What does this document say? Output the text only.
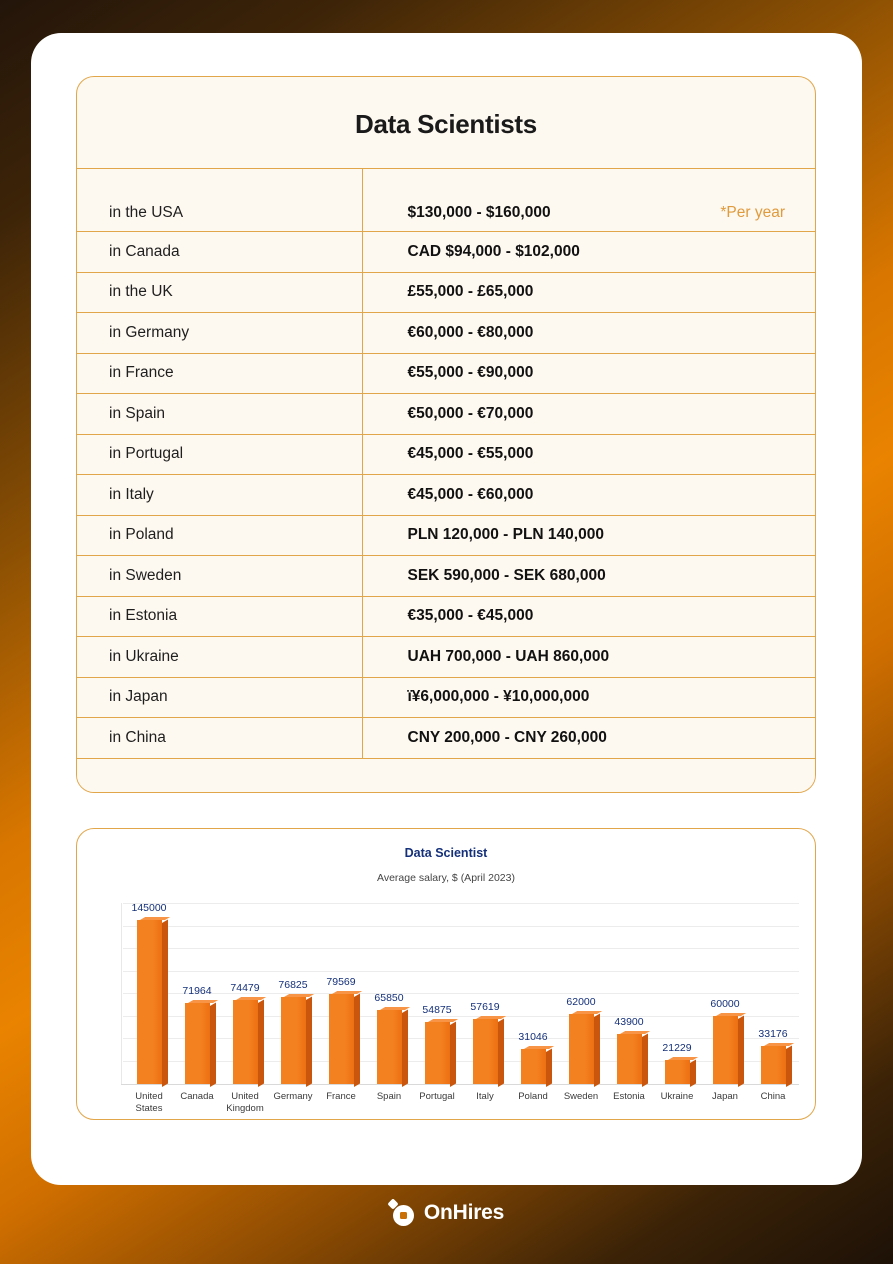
Data Scientists
*Per year
in the USA	$130,000 - $160,000
in Canada	CAD $94,000 - $102,000
in the UK	£55,000 - £65,000
in Germany	€60,000 - €80,000
in France	€55,000 - €90,000
in Spain	€50,000 - €70,000
in Portugal	€45,000 - €55,000
in Italy	€45,000 - €60,000
in Poland	PLN 120,000 - PLN 140,000
in Sweden	SEK 590,000 - SEK 680,000
in Estonia	€35,000 - €45,000
in Ukraine	UAH 700,000 - UAH 860,000
in Japan	ï¥6,000,000 - ¥10,000,000
in China	CNY 200,000 - CNY 260,000
Data Scientist
Average salary, $ (April 2023)
145000
71964 74479 76825 79569
65850
54875 57619
31046
62000
43900
21229
60000
33176
United States
Canada	United Kingdom
Germany	France	Spain	Portugal	Italy	Poland	Sweden	Estonia	Ukraine	Japan	China
OnHires
